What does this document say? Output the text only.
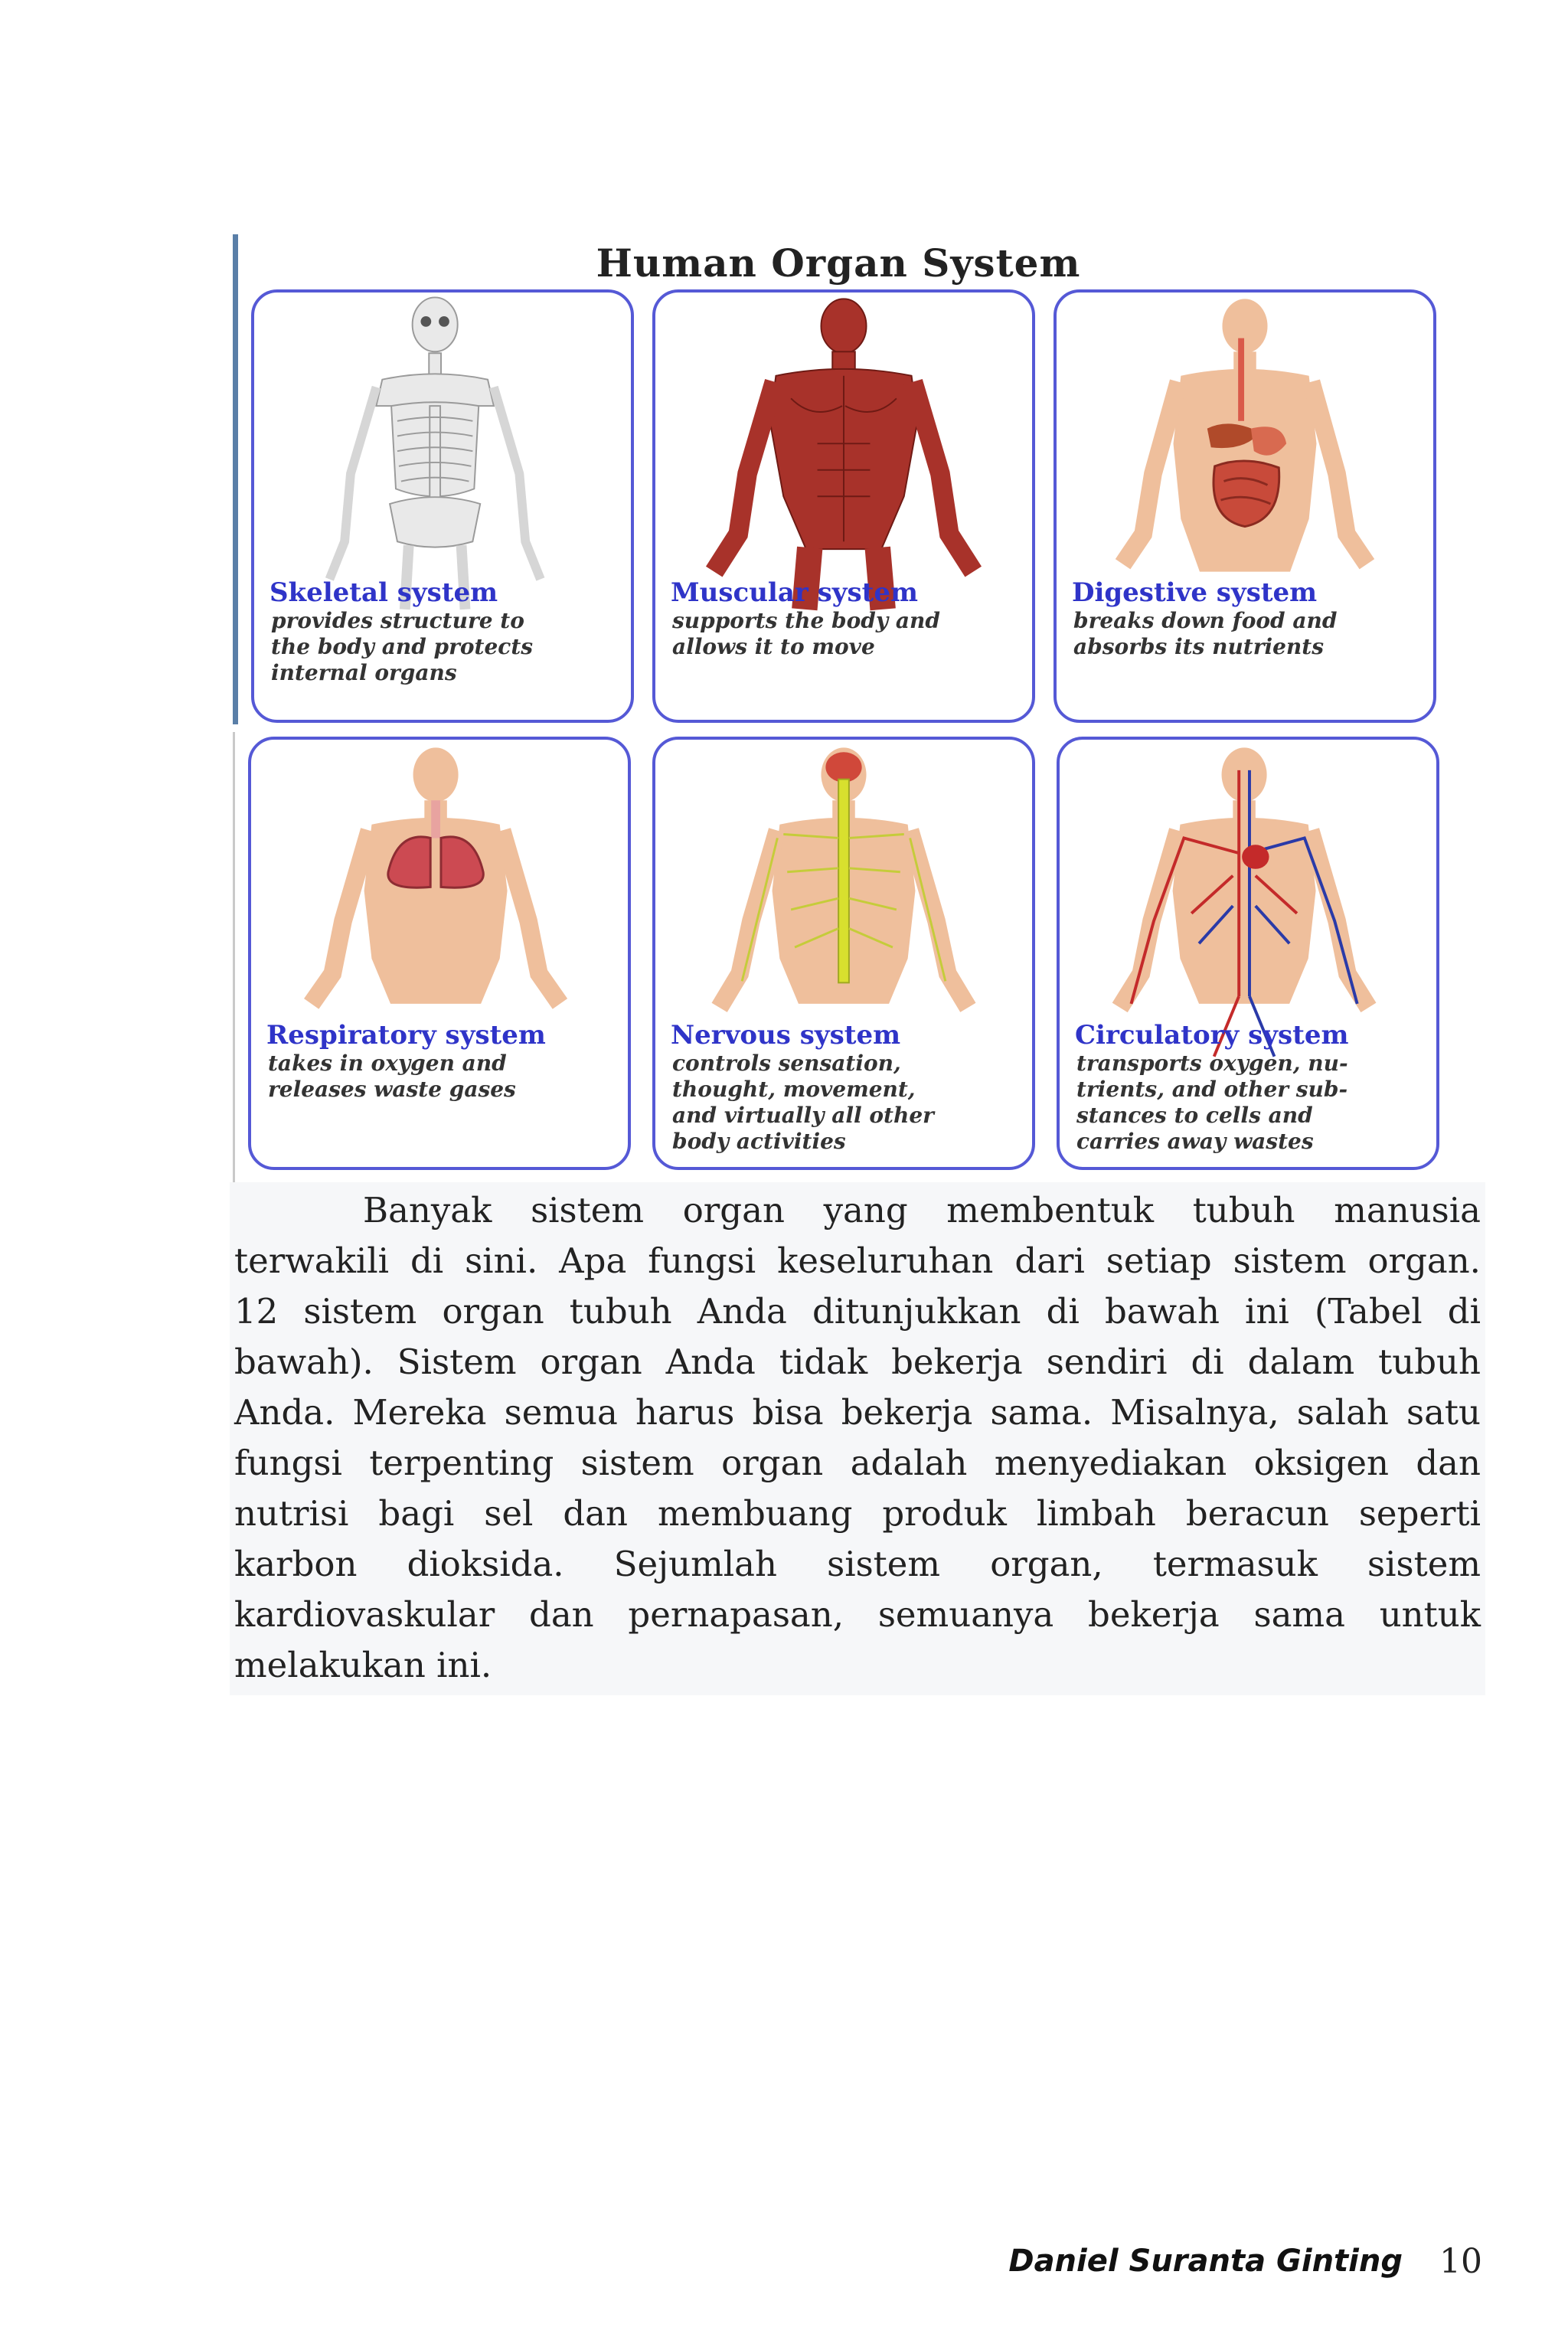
Human Organ System
Skeletal system
provides structure to
the body and protects
internal organs
Muscular system
supports the body and
allows it to move
Digestive system
breaks down food and
absorbs its nutrients
Respiratory system
takes in oxygen and
releases waste gases
Nervous system
controls sensation,
thought, movement,
and virtually all other
body activities
Circulatory system
transports oxygen, nu-
trients, and other sub-
stances to cells and
carries away wastes
Banyak sistem organ yang membentuk tubuh manusia
terwakili di sini. Apa fungsi keseluruhan dari setiap sistem organ.
12 sistem organ tubuh Anda ditunjukkan di bawah ini (Tabel di
bawah). Sistem organ Anda tidak bekerja sendiri di dalam tubuh
Anda. Mereka semua harus bisa bekerja sama. Misalnya, salah satu
fungsi terpenting sistem organ adalah menyediakan oksigen dan
nutrisi bagi sel dan membuang produk limbah beracun seperti
karbon dioksida. Sejumlah sistem organ, termasuk sistem
kardiovaskular dan pernapasan, semuanya bekerja sama untuk
melakukan ini.
Daniel Suranta Ginting 10
